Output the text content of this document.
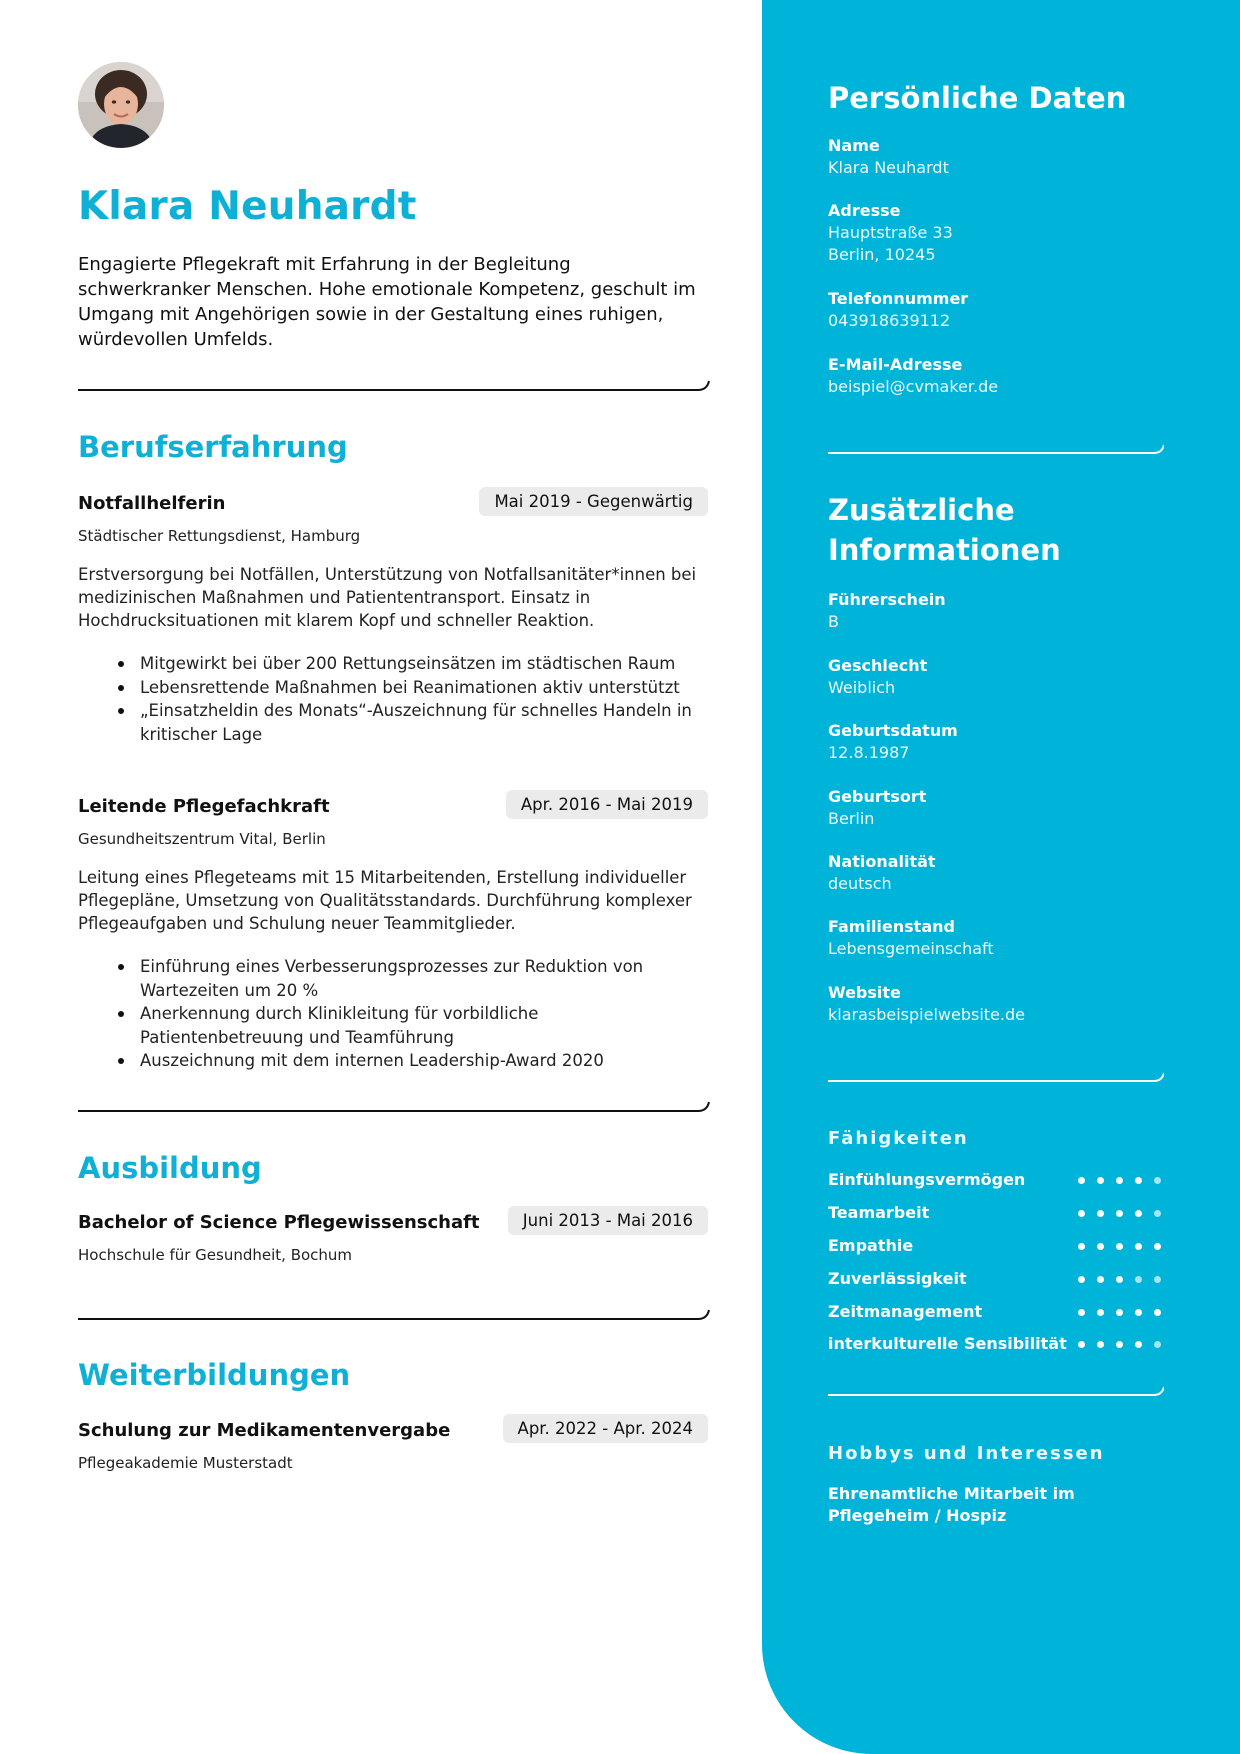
Klara Neuhardt
Engagierte Pflegekraft mit Erfahrung in der Begleitung schwerkranker Menschen. Hohe emotionale Kompetenz, geschult im Umgang mit Angehörigen sowie in der Gestaltung eines ruhigen, würdevollen Umfelds.
Berufserfahrung
Notfallhelferin	Mai 2019 - Gegenwärtig
Städtischer Rettungsdienst, Hamburg
Erstversorgung bei Notfällen, Unterstützung von Notfallsanitäter*innen bei medizinischen Maßnahmen und Patiententransport. Einsatz in Hochdrucksituationen mit klarem Kopf und schneller Reaktion.
Mitgewirkt bei über 200 Rettungseinsätzen im städtischen Raum
Lebensrettende Maßnahmen bei Reanimationen aktiv unterstützt
„Einsatzheldin des Monats“-Auszeichnung für schnelles Handeln in kritischer Lage
Leitende Pflegefachkraft	Apr. 2016 - Mai 2019
Gesundheitszentrum Vital, Berlin
Leitung eines Pflegeteams mit 15 Mitarbeitenden, Erstellung individueller Pflegepläne, Umsetzung von Qualitätsstandards. Durchführung komplexer Pflegeaufgaben und Schulung neuer Teammitglieder.
Einführung eines Verbesserungsprozesses zur Reduktion von Wartezeiten um 20 %
Anerkennung durch Klinikleitung für vorbildliche Patientenbetreuung und Teamführung
Auszeichnung mit dem internen Leadership-Award 2020
Ausbildung
Bachelor of Science Pflegewissenschaft	Juni 2013 - Mai 2016
Hochschule für Gesundheit, Bochum
Weiterbildungen
Schulung zur Medikamentenvergabe	Apr. 2022 - Apr. 2024
Pflegeakademie Musterstadt
Persönliche Daten
Name
Klara Neuhardt
Adresse
Hauptstraße 33
Berlin, 10245
Telefonnummer
043918639112
E-Mail-Adresse
beispiel@cvmaker.de
Zusätzliche
Informationen
Führerschein
B
Geschlecht
Weiblich
Geburtsdatum
12.8.1987
Geburtsort
Berlin
Nationalität
deutsch
Familienstand
Lebensgemeinschaft
Website
klarasbeispielwebsite.de
Fähigkeiten
Einfühlungsvermögen
Teamarbeit
Empathie
Zuverlässigkeit
Zeitmanagement
interkulturelle Sensibilität
Hobbys und Interessen
Ehrenamtliche Mitarbeit im Pflegeheim / Hospiz
